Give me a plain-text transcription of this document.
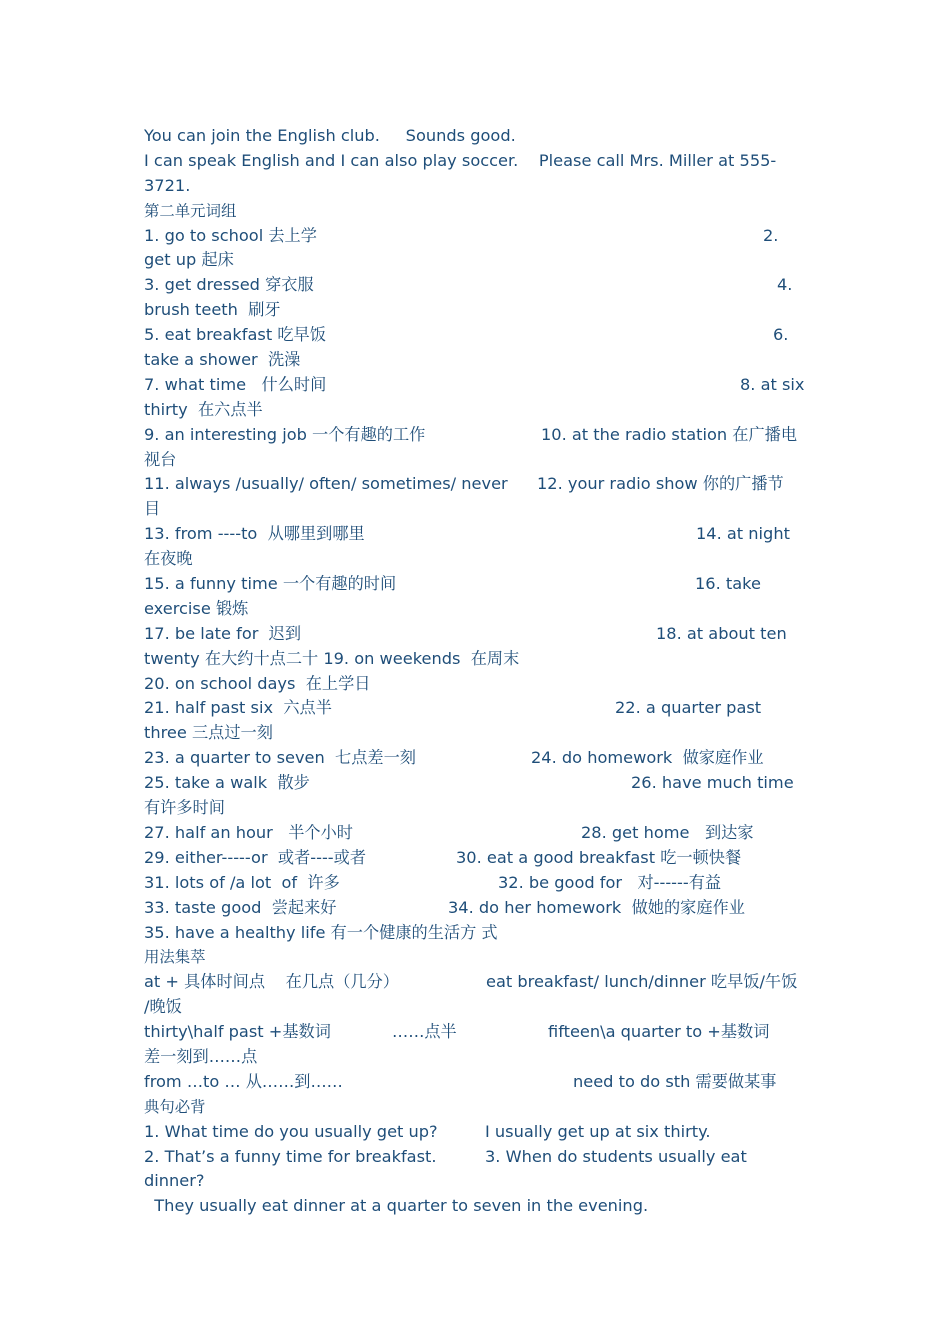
You can join the English club.     Sounds good.
I can speak English and I can also play soccer.    Please call Mrs. Miller at 555-
3721.
第二单元词组
1. go to school 去上学	2.
get up 起床
3. get dressed 穿衣服	4.
brush teeth  刷牙
5. eat breakfast 吃早饭	6.
take a shower  洗澡
7. what time   什么时间	8. at six
thirty  在六点半
9. an interesting job 一个有趣的工作	10. at the radio station 在广播电
视台
11. always /usually/ often/ sometimes/ never 12. your radio show 你的广播节
目
13. from ----to  从哪里到哪里	14. at night
在夜晚
15. a funny time 一个有趣的时间	16. take
exercise 锻炼
17. be late for  迟到	18. at about ten
twenty 在大约十点二十 19. on weekends  在周末
20. on school days  在上学日
21. half past six  六点半	22. a quarter past
three 三点过一刻
23. a quarter to seven  七点差一刻	24. do homework  做家庭作业
25. take a walk  散步	26. have much time
有许多时间
27. half an hour   半个小时	28. get home   到达家
29. either-----or  或者----或者	30. eat a good breakfast 吃一顿快餐
31. lots of /a lot  of  许多	32. be good for   对------有益
33. taste good  尝起来好	34. do her homework  做她的家庭作业
35. have a healthy life 有一个健康的生活方 式
用法集萃
at + 具体时间点    在几点（几分）	eat breakfast/ lunch/dinner 吃早饭/午饭
/晚饭
thirty\half past +基数词	……点半	fifteen\a quarter to +基数词
差一刻到……点
from …to … 从……到……	need to do sth 需要做某事
典句必背
1. What time do you usually get up?	I usually get up at six thirty.
2. That’s a funny time for breakfast.	3. When do students usually eat
dinner?
They usually eat dinner at a quarter to seven in the evening.
